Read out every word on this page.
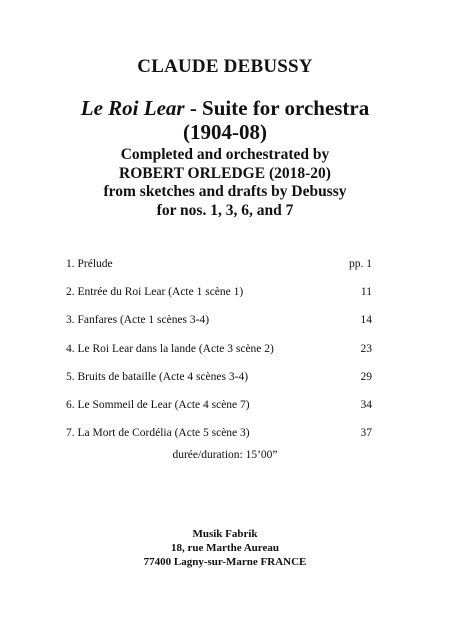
CLAUDE DEBUSSY
Le Roi Lear - Suite for orchestra
(1904-08)
Completed and orchestrated by
ROBERT ORLEDGE (2018-20)
from sketches and drafts by Debussy
for nos. 1, 3, 6, and 7
1. Prélude	pp. 1
2. Entrée du Roi Lear (Acte 1 scène 1)	11
3. Fanfares (Acte 1 scènes 3-4)	14
4. Le Roi Lear dans la lande (Acte 3 scène 2)	23
5. Bruits de bataille (Acte 4 scènes 3-4)	29
6. Le Sommeil de Lear (Acte 4 scène 7)	34
7. La Mort de Cordélia (Acte 5 scène 3)	37
durée/duration: 15’00”
Musik Fabrik
18, rue Marthe Aureau
77400 Lagny-sur-Marne FRANCE
